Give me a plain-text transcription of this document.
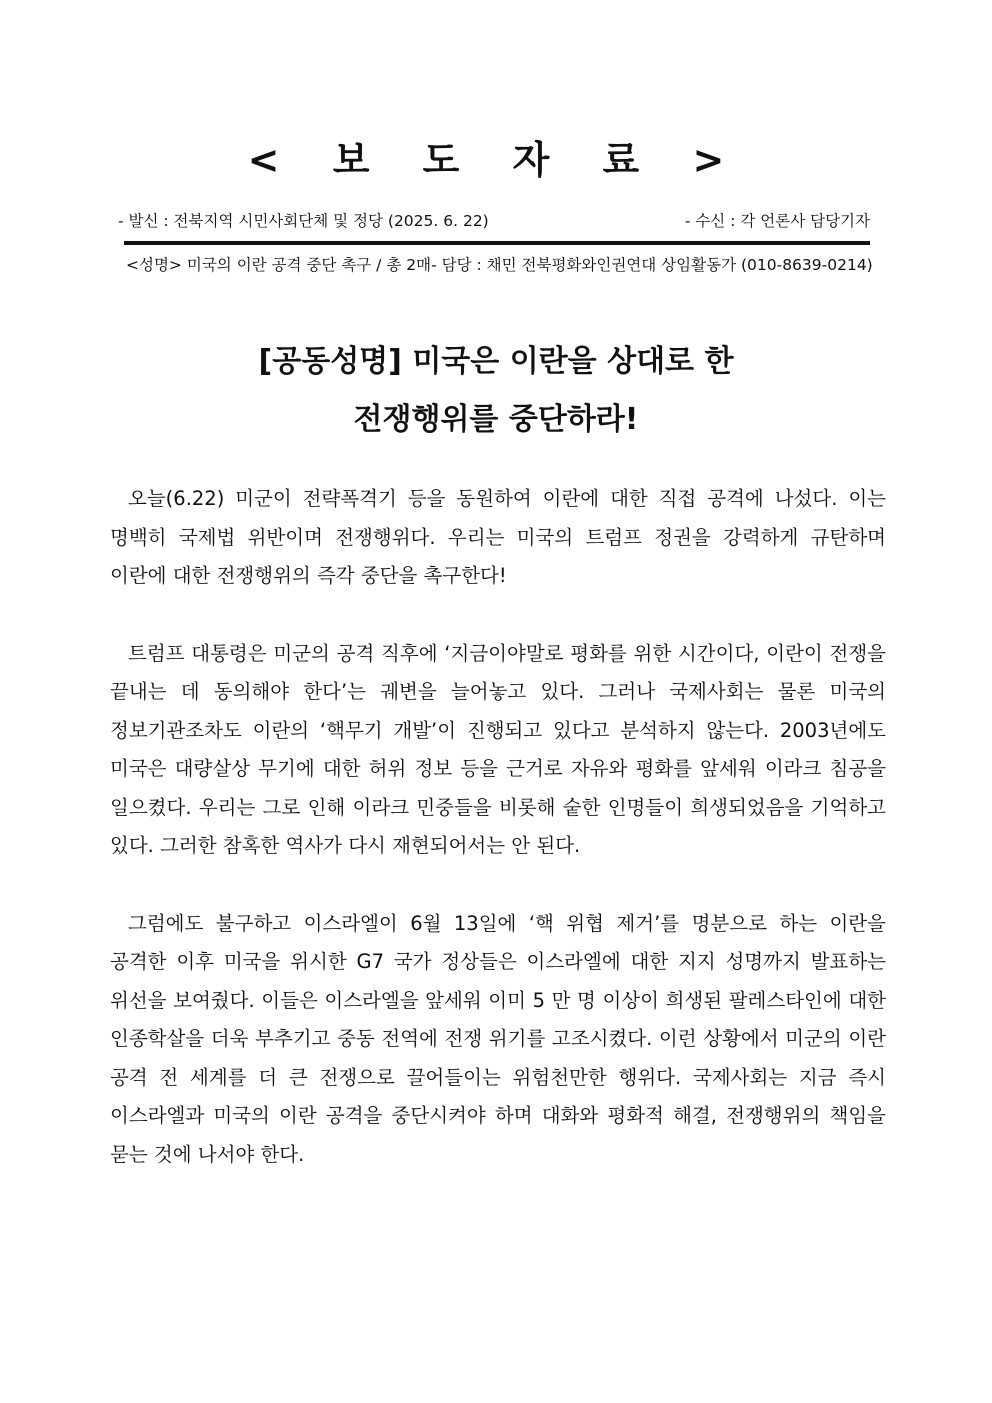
< 보 도 자 료 >
- 발신 : 전북지역 시민사회단체 및 정당 (2025. 6. 22)	- 수신 : 각 언론사 담당기자
<성명> 미국의 이란 공격 중단 촉구 / 총 2매 - 담당 : 채민 전북평화와인권연대 상임활동가 (010-8639-0214)
[공동성명] 미국은 이란을 상대로 한
전쟁행위를 중단하라!

오늘(6.22) 미군이 전략폭격기 등을 동원하여 이란에 대한 직접 공격에 나섰다. 이는 명백히 국제법 위반이며 전쟁행위다. 우리는 미국의 트럼프 정권을 강력하게 규탄하며 이란에 대한 전쟁행위의 즉각 중단을 촉구한다!

트럼프 대통령은 미군의 공격 직후에 ‘지금이야말로 평화를 위한 시간이다, 이란이 전쟁을 끝내는 데 동의해야 한다’는 궤변을 늘어놓고 있다. 그러나 국제사회는 물론 미국의 정보기관조차도 이란의 ‘핵무기 개발’이 진행되고 있다고 분석하지 않는다. 2003년에도 미국은 대량살상 무기에 대한 허위 정보 등을 근거로 자유와 평화를 앞세워 이라크 침공을 일으켰다. 우리는 그로 인해 이라크 민중들을 비롯해 숱한 인명들이 희생되었음을 기억하고 있다. 그러한 참혹한 역사가 다시 재현되어서는 안 된다.

그럼에도 불구하고 이스라엘이 6월 13일에 ‘핵 위협 제거’를 명분으로 하는 이란을 공격한 이후 미국을 위시한 G7 국가 정상들은 이스라엘에 대한 지지 성명까지 발표하는 위선을 보여줬다. 이들은 이스라엘을 앞세워 이미 5 만 명 이상이 희생된 팔레스타인에 대한 인종학살을 더욱 부추기고 중동 전역에 전쟁 위기를 고조시켰다. 이런 상황에서 미군의 이란 공격 전 세계를 더 큰 전쟁으로 끌어들이는 위험천만한 행위다. 국제사회는 지금 즉시 이스라엘과 미국의 이란 공격을 중단시켜야 하며 대화와 평화적 해결, 전쟁행위의 책임을 묻는 것에 나서야 한다.
